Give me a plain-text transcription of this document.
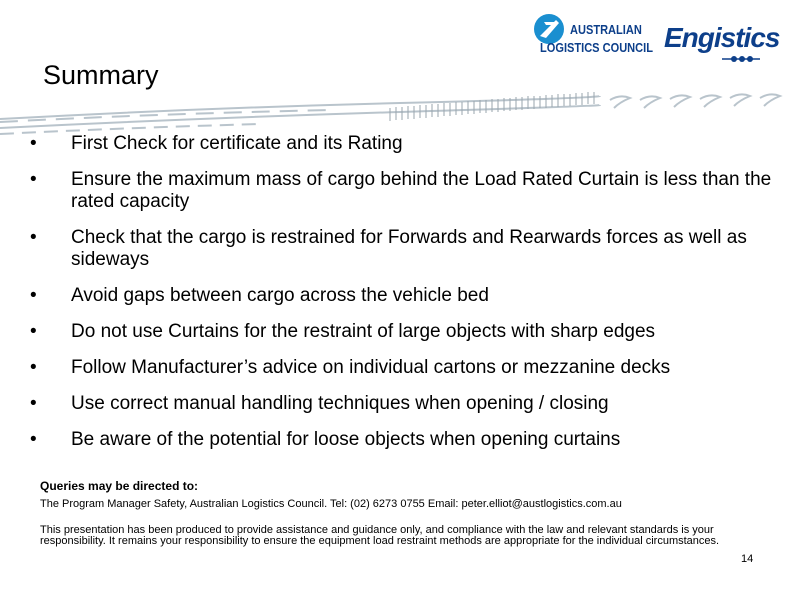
AUSTRALIAN
LOGISTICS COUNCIL Engistics
Summary
•	First Check for certificate and its Rating
•	Ensure the maximum mass of cargo behind the Load Rated Curtain is less than the rated capacity
•	Check that the cargo is restrained for Forwards and Rearwards forces as well as sideways
•	Avoid gaps between cargo across the vehicle bed
•	Do not use Curtains for the restraint of large objects with sharp edges
•	Follow Manufacturer’s advice on individual cartons or mezzanine decks
•	Use correct manual handling techniques when opening / closing
•	Be aware of the potential for loose objects when opening curtains
Queries may be directed to:
The Program Manager Safety, Australian Logistics Council. Tel: (02) 6273 0755 Email: peter.elliot@austlogistics.com.au
This presentation has been produced to provide assistance and guidance only, and compliance with the law and relevant standards is your responsibility. It remains your responsibility to ensure the equipment load restraint methods are appropriate for the individual circumstances.
14
